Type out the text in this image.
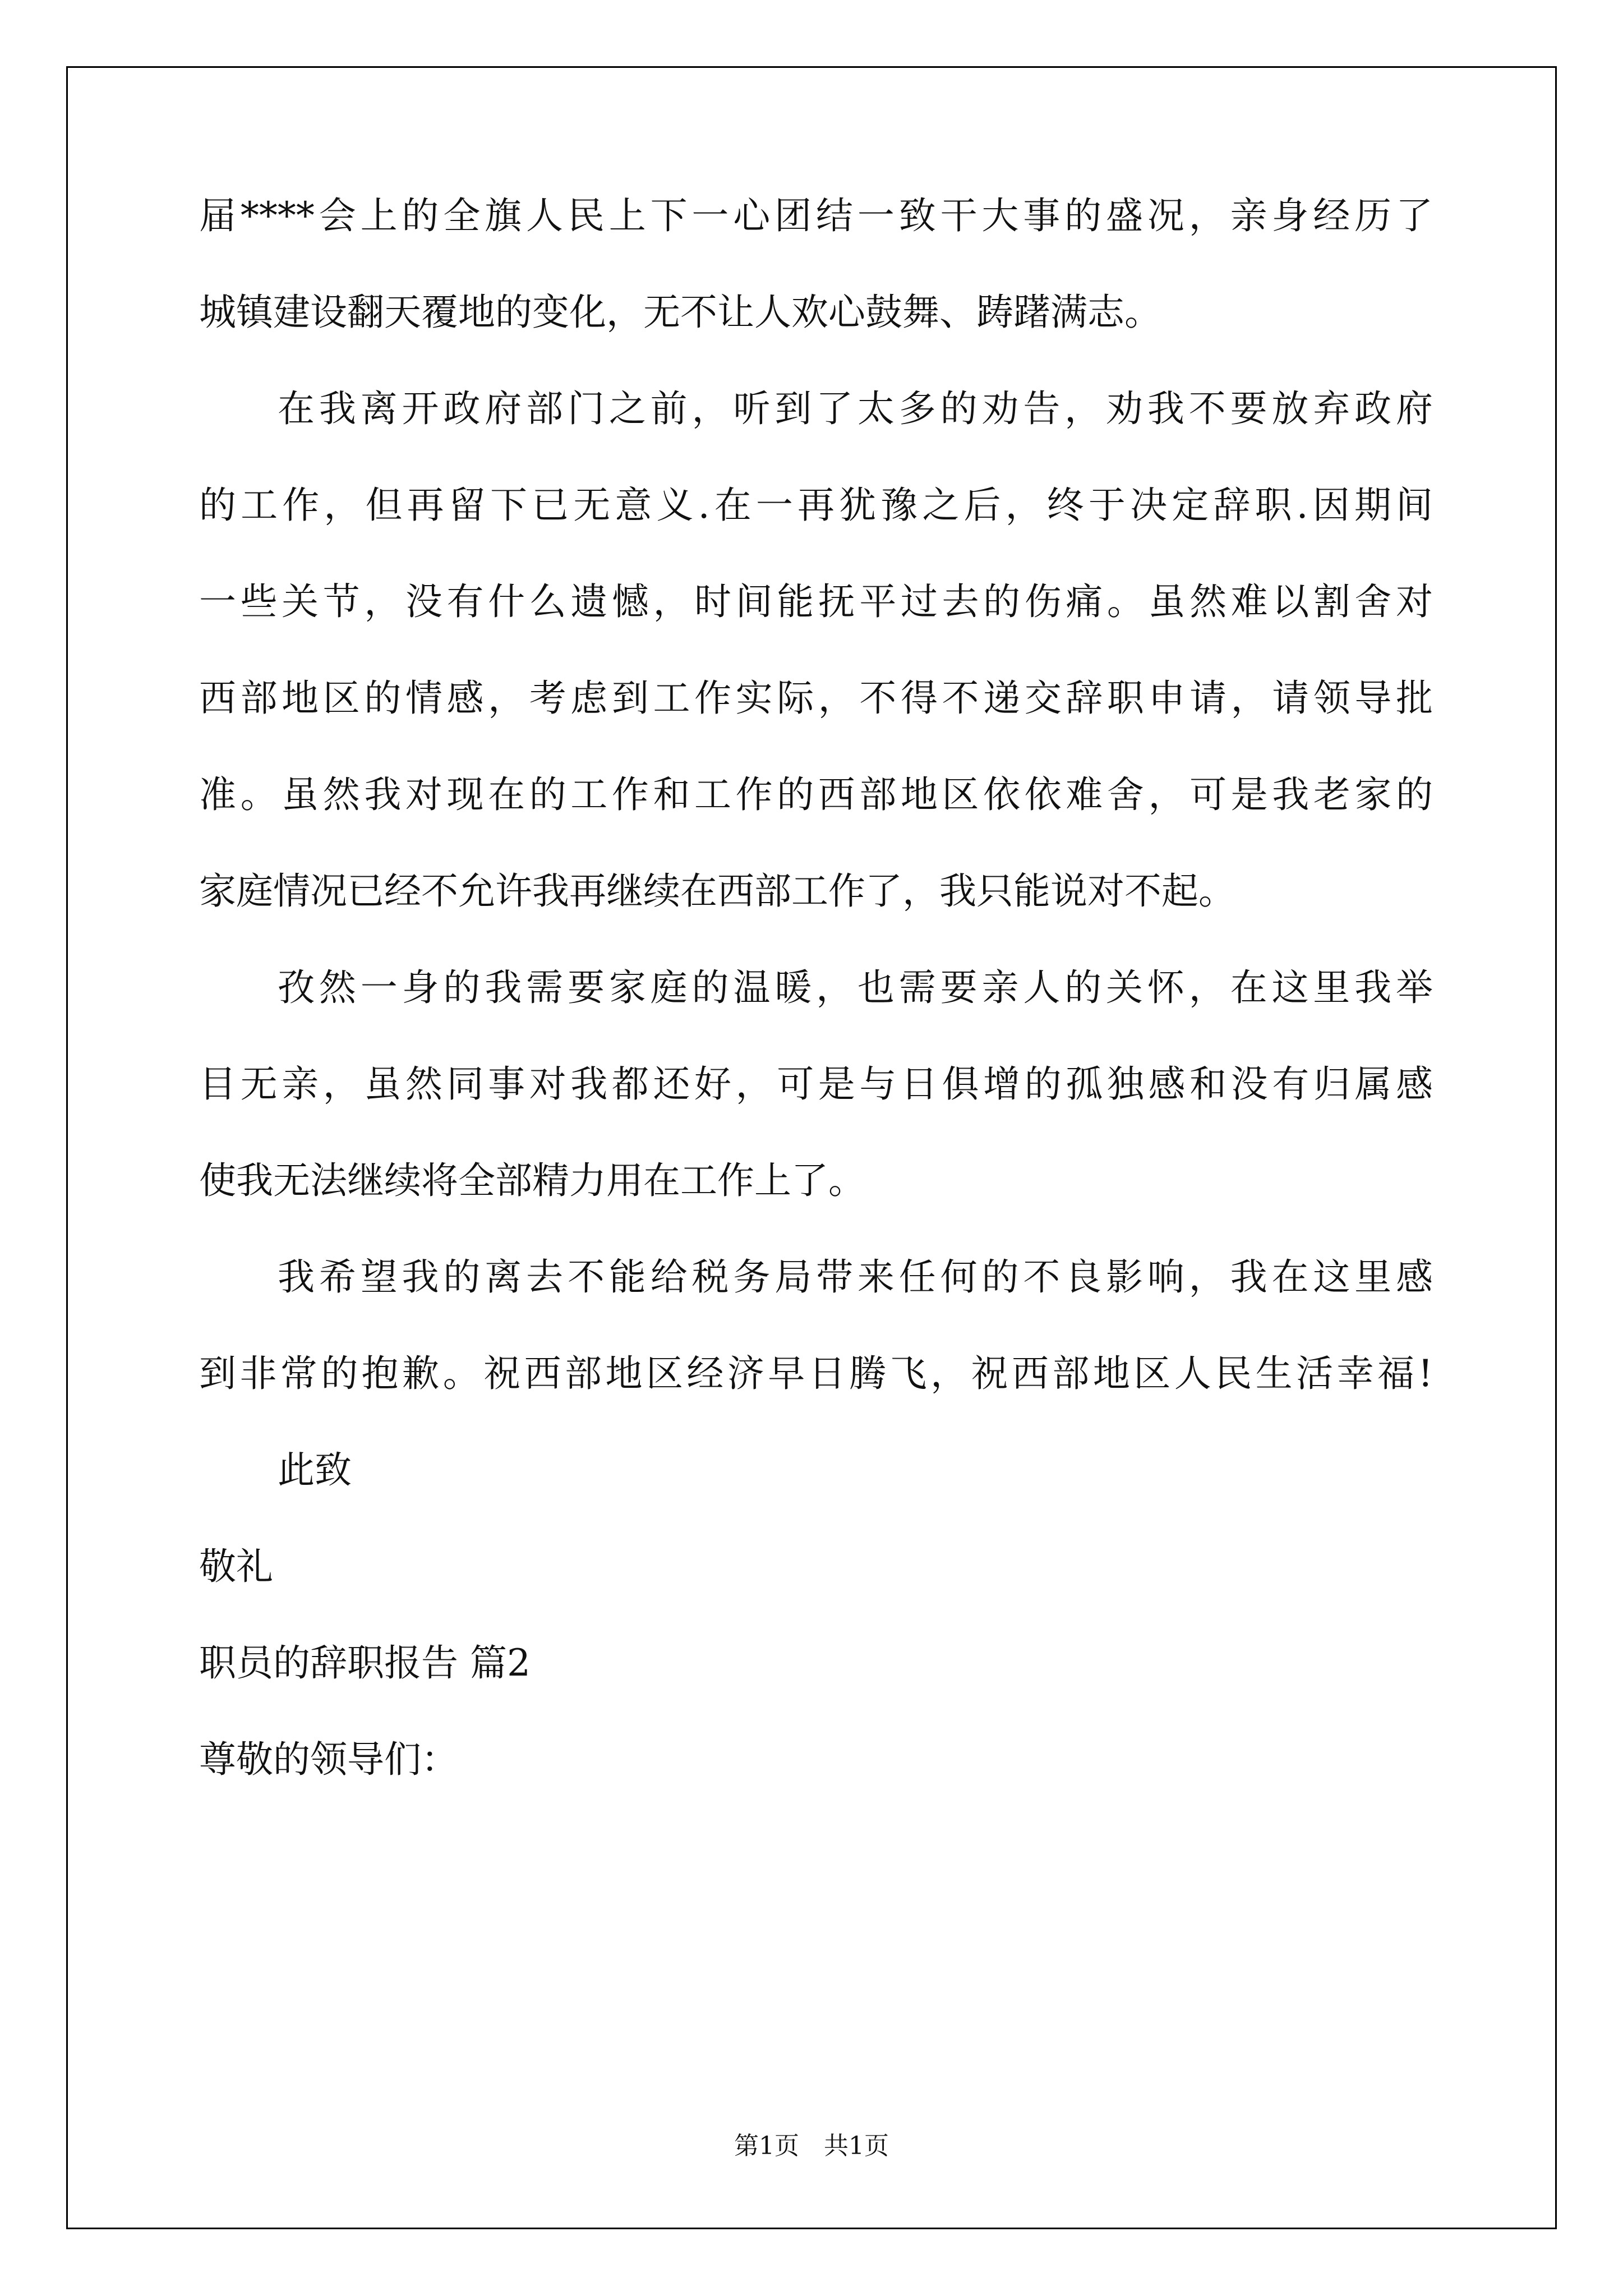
届****会上的全旗人民上下一心团结一致干大事的盛况，亲身经历了
城镇建设翻天覆地的变化，无不让人欢心鼓舞、踌躇满志。
在我离开政府部门之前，听到了太多的劝告，劝我不要放弃政府
的工作，但再留下已无意义.在一再犹豫之后，终于决定辞职.因期间
一些关节，没有什么遗憾，时间能抚平过去的伤痛。虽然难以割舍对
西部地区的情感，考虑到工作实际，不得不递交辞职申请，请领导批
准。虽然我对现在的工作和工作的西部地区依依难舍，可是我老家的
家庭情况已经不允许我再继续在西部工作了，我只能说对不起。
孜然一身的我需要家庭的温暖，也需要亲人的关怀，在这里我举
目无亲，虽然同事对我都还好，可是与日俱增的孤独感和没有归属感
使我无法继续将全部精力用在工作上了。
我希望我的离去不能给税务局带来任何的不良影响，我在这里感
到非常的抱歉。祝西部地区经济早日腾飞，祝西部地区人民生活幸福!
此致
敬礼
职员的辞职报告 篇2
尊敬的领导们：
第1页　共1页
